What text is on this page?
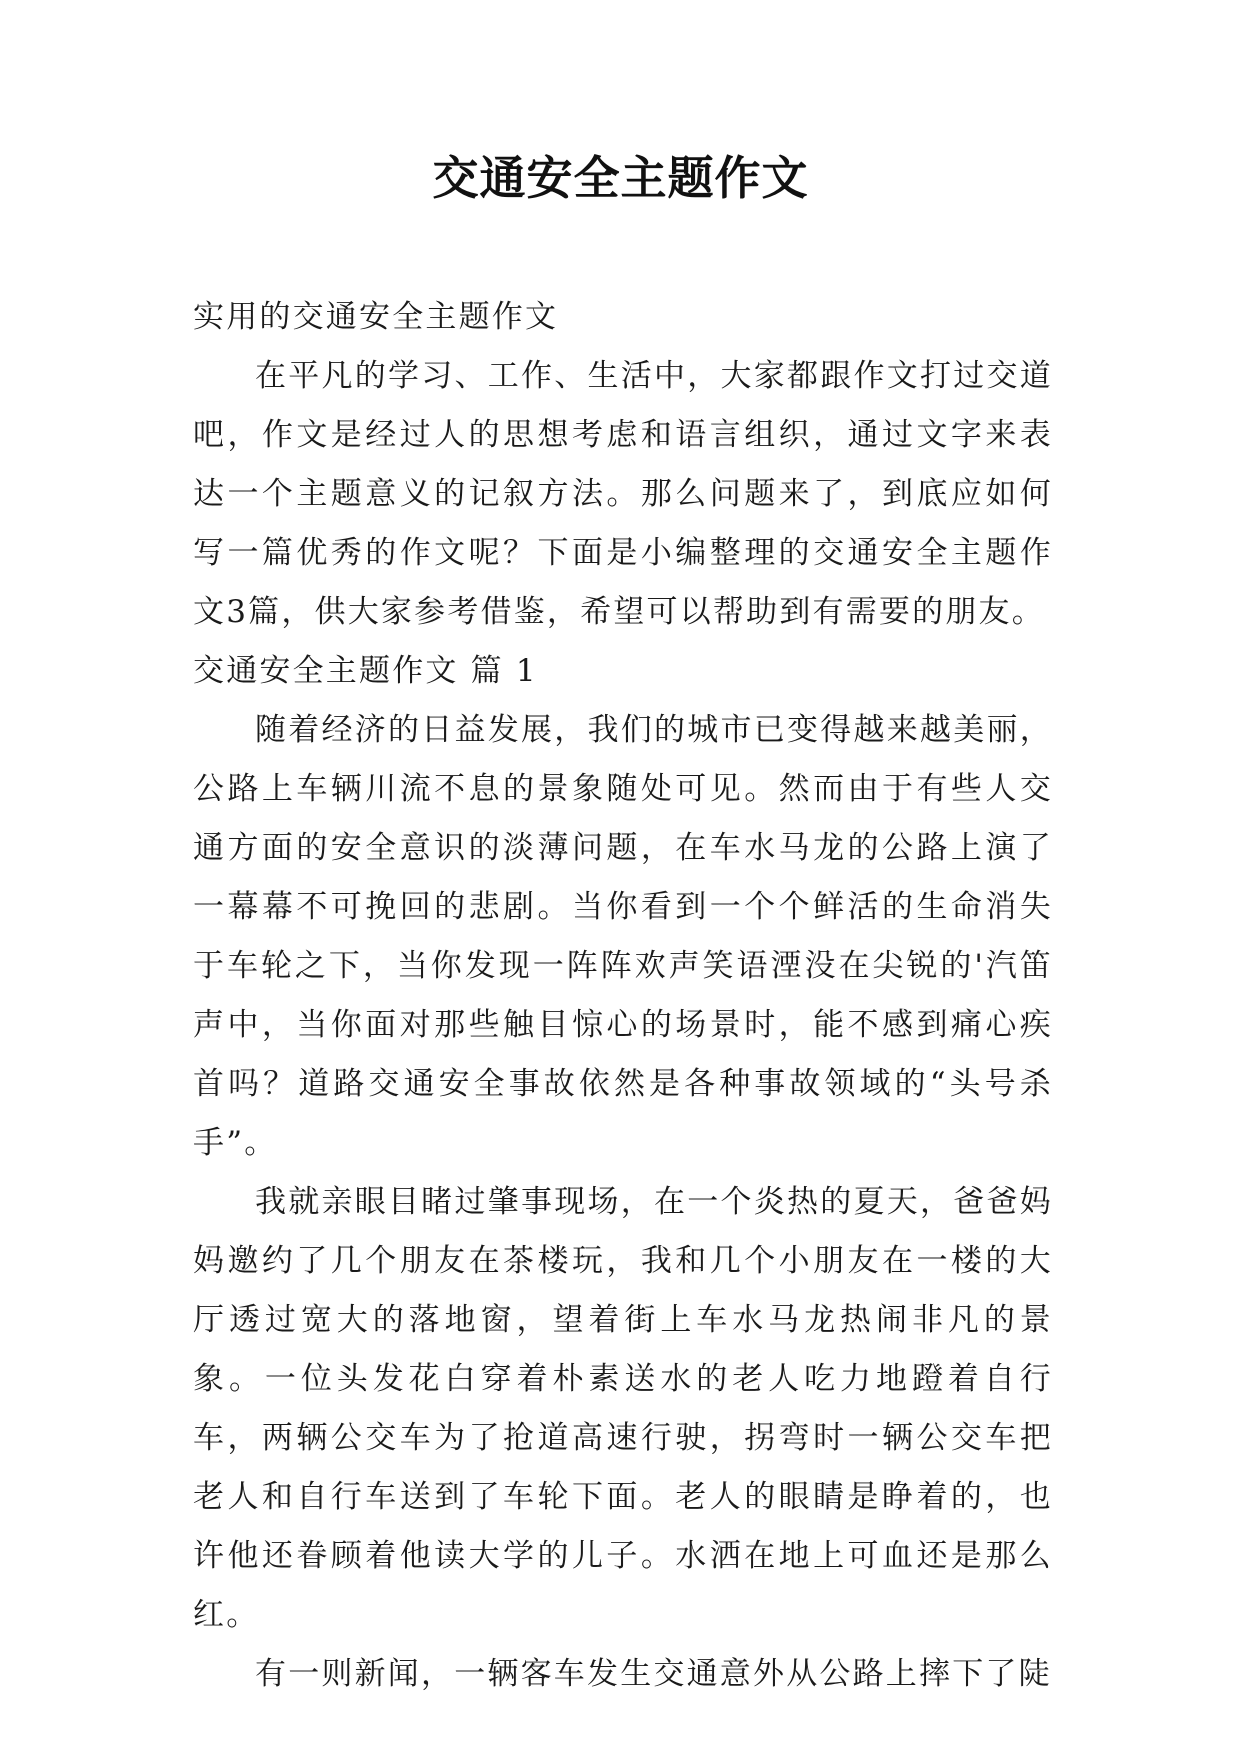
交通安全主题作文

实用的交通安全主题作文

在平凡的学习、工作、生活中，大家都跟作文打过交道吧，作文是经过人的思想考虑和语言组织，通过文字来表达一个主题意义的记叙方法。那么问题来了，到底应如何写一篇优秀的作文呢？下面是小编整理的交通安全主题作文3篇，供大家参考借鉴，希望可以帮助到有需要的朋友。

交通安全主题作文 篇 1

随着经济的日益发展，我们的城市已变得越来越美丽，公路上车辆川流不息的景象随处可见。然而由于有些人交通方面的安全意识的淡薄问题，在车水马龙的公路上演了一幕幕不可挽回的悲剧。当你看到一个个鲜活的生命消失于车轮之下，当你发现一阵阵欢声笑语湮没在尖锐的'汽笛声中，当你面对那些触目惊心的场景时，能不感到痛心疾首吗？道路交通安全事故依然是各种事故领域的“头号杀手”。

我就亲眼目睹过肇事现场，在一个炎热的夏天，爸爸妈妈邀约了几个朋友在茶楼玩，我和几个小朋友在一楼的大厅透过宽大的落地窗，望着街上车水马龙热闹非凡的景象。一位头发花白穿着朴素送水的老人吃力地蹬着自行车，两辆公交车为了抢道高速行驶，拐弯时一辆公交车把老人和自行车送到了车轮下面。老人的眼睛是睁着的，也许他还眷顾着他读大学的儿子。水洒在地上可血还是那么红。

有一则新闻，一辆客车发生交通意外从公路上摔下了陡
